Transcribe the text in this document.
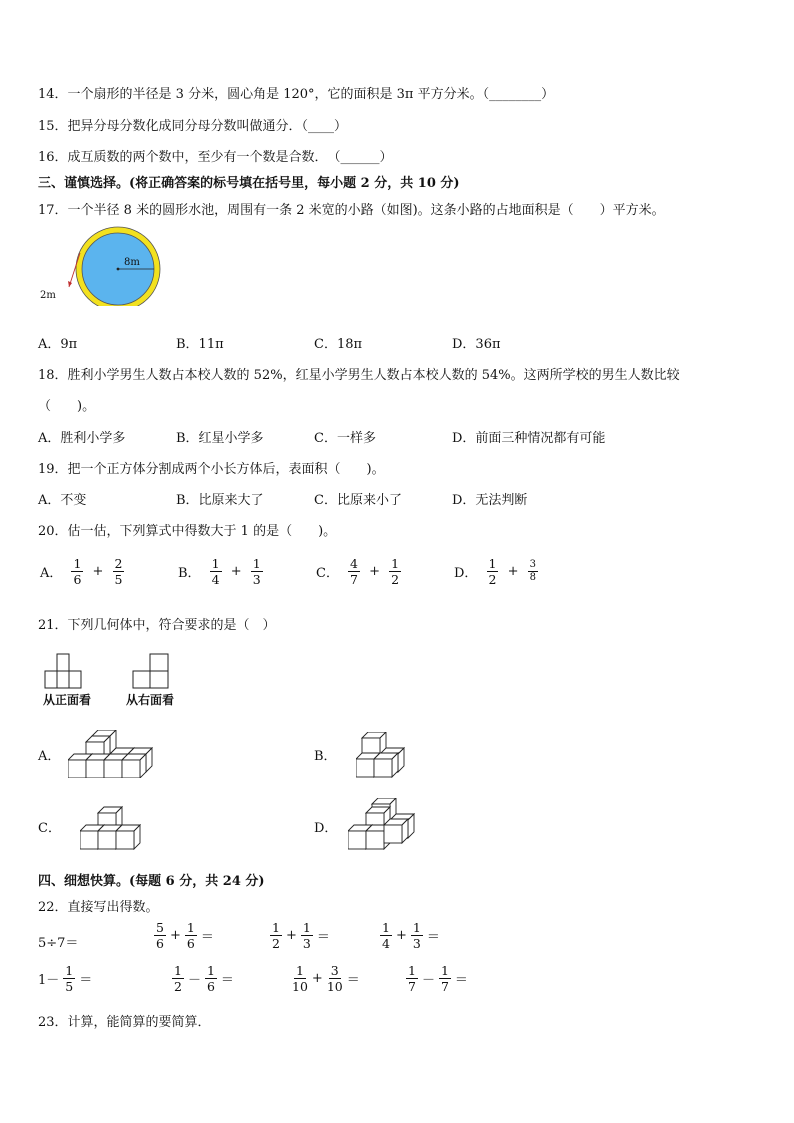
14．一个扇形的半径是 3 分米，圆心角是 120°，它的面积是 3π 平方分米。（________）
15．把异分母分数化成同分母分数叫做通分．（____）
16．成互质数的两个数中，至少有一个数是合数．　（______）
三、谨慎选择。(将正确答案的标号填在括号里，每小题 2 分，共 10 分)
17．一个半径 8 米的圆形水池，周围有一条 2 米宽的小路（如图)。这条小路的占地面积是（　　）平方米。
8m
2m
A．9π	B．11π	C．18π	D．36π
18．胜利小学男生人数占本校人数的 52%，红星小学男生人数占本校人数的 54%。这两所学校的男生人数比较
（　　)。
A．胜利小学多	B．红星小学多	C．一样多	D．前面三种情况都有可能
19．把一个正方体分割成两个小长方体后，表面积（　　)。
A．不变	B．比原来大了	C．比原来小了	D．无法判断
20．估一估，下列算式中得数大于 1 的是（　　)。
A． $\frac{1}{6} + \frac{2}{5}$	B． $\frac{1}{4} + \frac{1}{3}$	C． $\frac{4}{7} + \frac{1}{2}$	D． $\frac{1}{2} + \frac{3}{8}$
21．下列几何体中，符合要求的是（　）
从正面看	从右面看
A．	B．
C．	D．
四、细想快算。(每题 6 分，共 24 分)
22．直接写出得数。
5÷7＝	$\frac{5}{6} + \frac{1}{6}$ ＝	$\frac{1}{2} + \frac{1}{3}$ ＝	$\frac{1}{4} + \frac{1}{3}$ ＝
$1- \frac{1}{5}$ ＝	$\frac{1}{2} - \frac{1}{6}$ ＝	$\frac{1}{10} + \frac{3}{10}$ ＝	$\frac{1}{7} - \frac{1}{7}$ ＝
23．计算，能简算的要简算．
